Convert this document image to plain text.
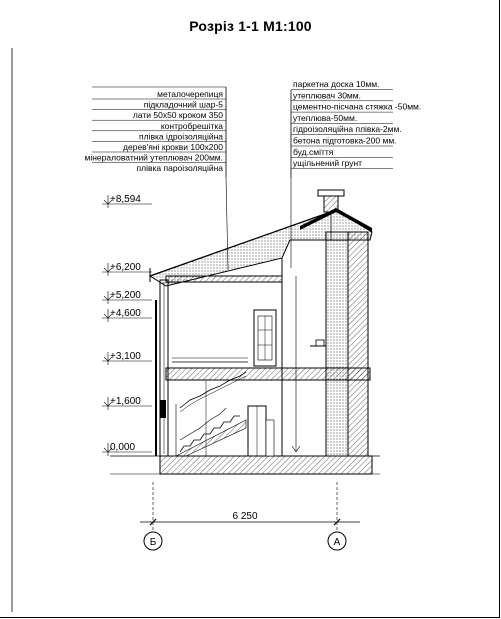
Розріз 1-1 М1:100
металочерепиця
підкладочний шар-5
лати 50x50 кроком 350
контробрешітка
плівка ідроізоляційна
дерев'яні крокви 100x200
мінераловатний утеплювач 200мм.
плівка пароізоляційна
паркетна доска 10мм.
утеплювач 30мм.
цементно-пісчана стяжка -50мм.
утеплюва-50мм.
гідроізоляційна плівка-2мм.
бетона підготовка-200 мм.
буд.сміття
ущільнений грунт
+8,594
+6,200
+5,200
+4,600
+3,100
+1,600
0,000
6 250
Б	А
